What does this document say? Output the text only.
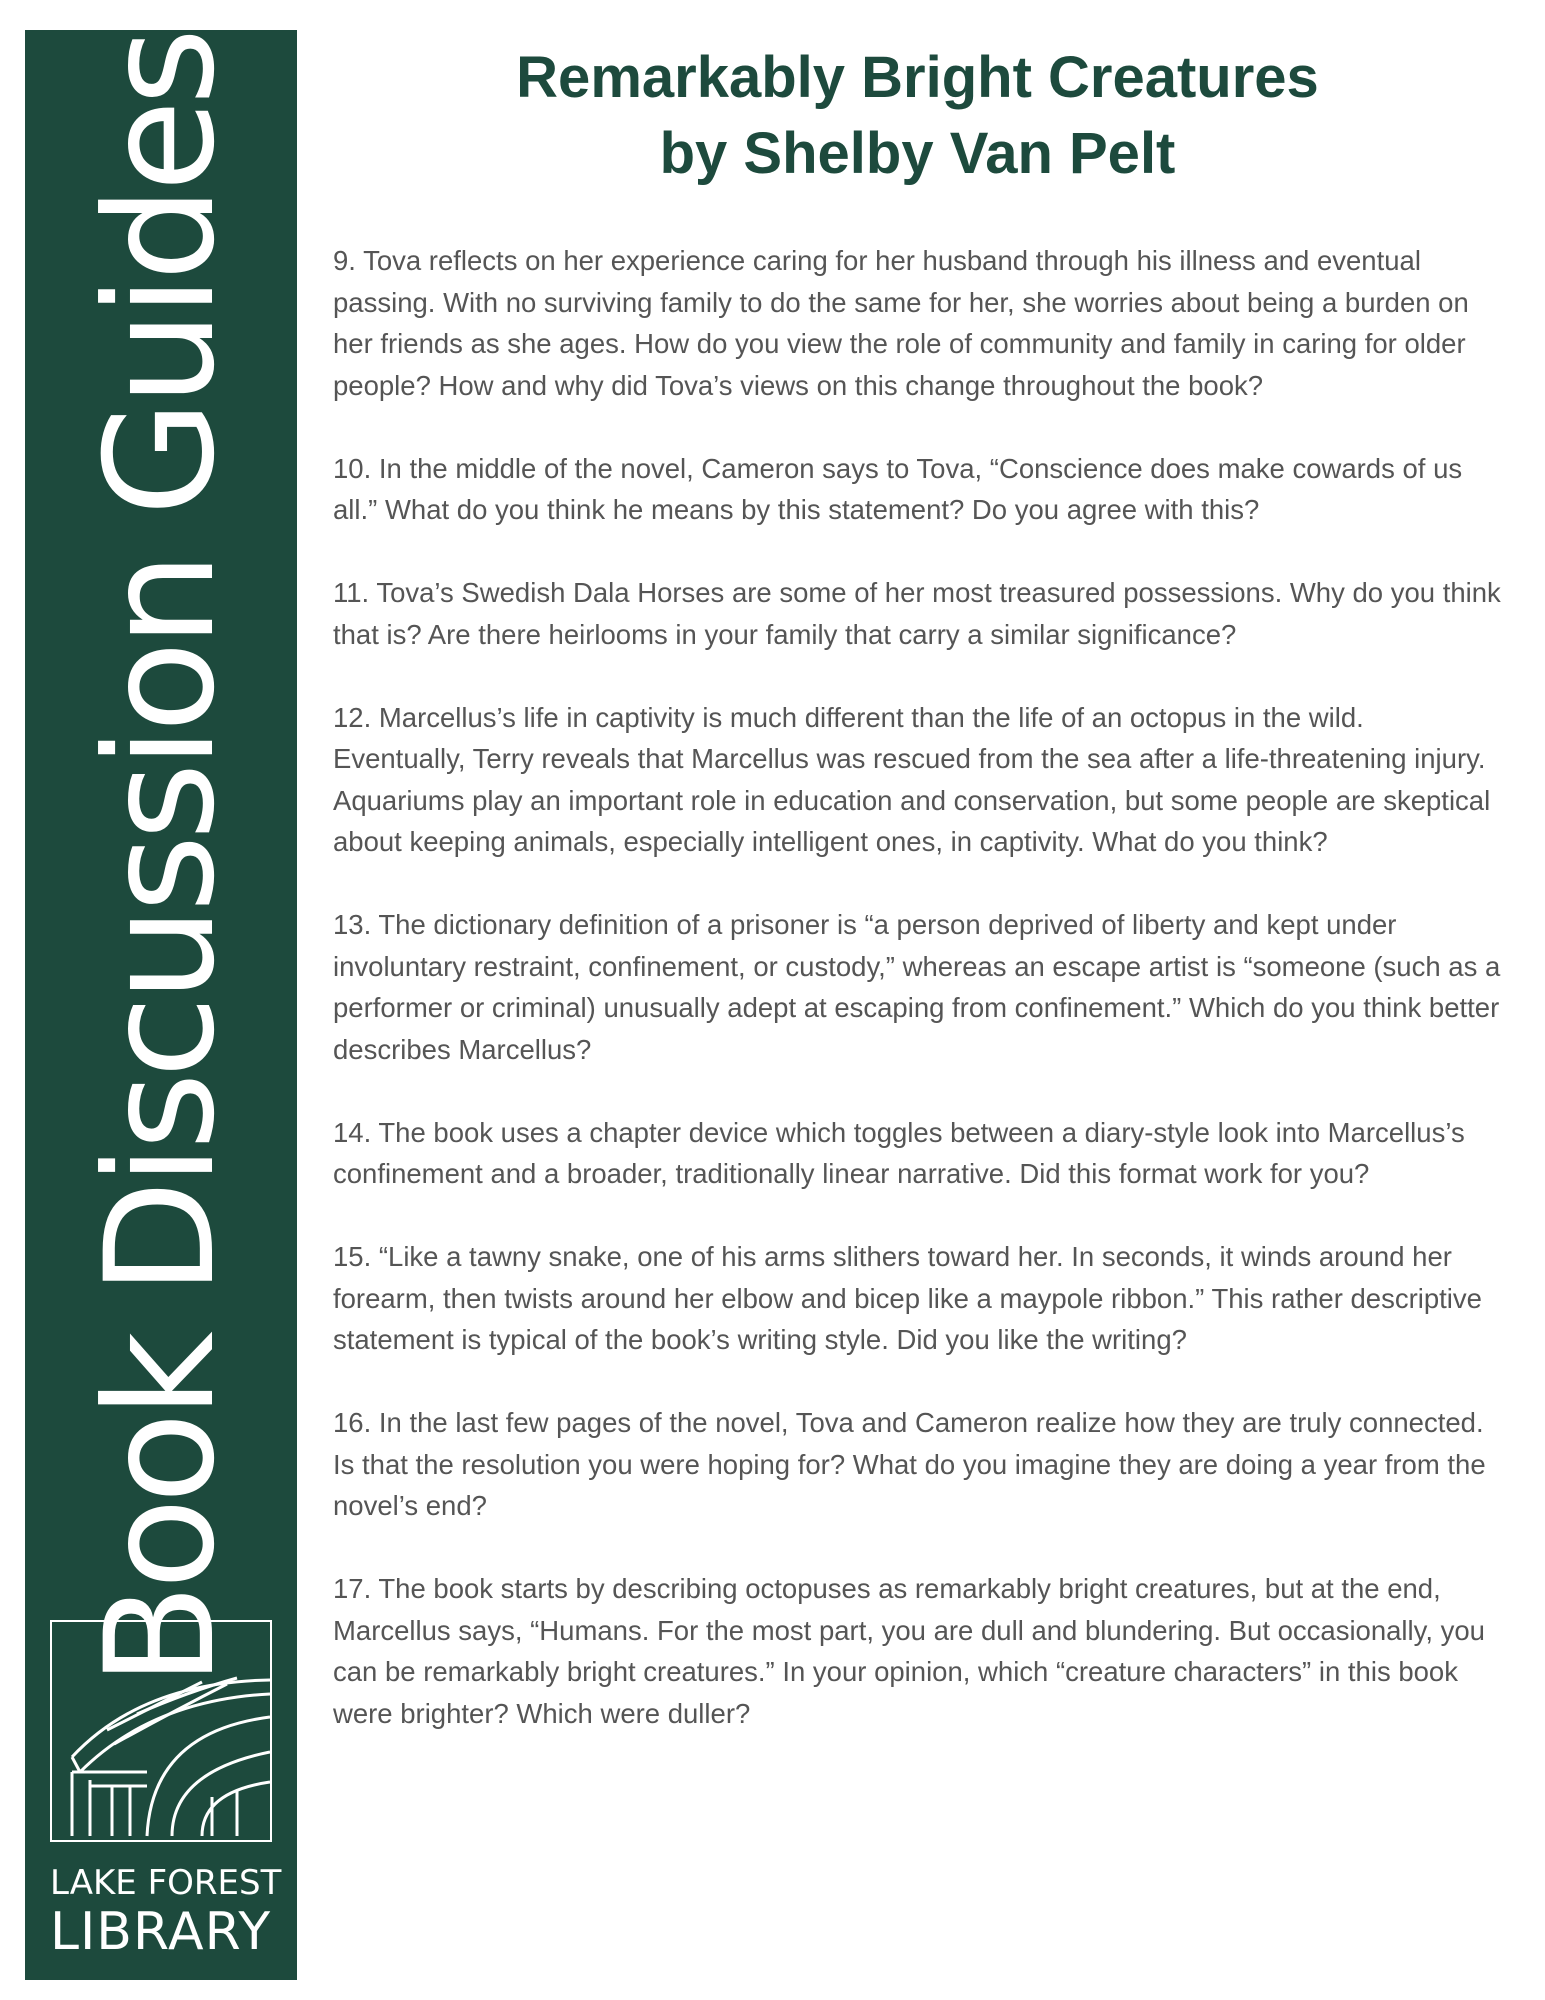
Book Discussion Guides
LAKE FOREST
LIBRARY
Remarkably Bright Creatures
by Shelby Van Pelt

9. Tova reflects on her experience caring for her husband through his illness and eventual passing. With no surviving family to do the same for her, she worries about being a burden on her friends as she ages. How do you view the role of community and family in caring for older people? How and why did Tova’s views on this change throughout the book?

10. In the middle of the novel, Cameron says to Tova, “Conscience does make cowards of us all.” What do you think he means by this statement? Do you agree with this?

11. Tova’s Swedish Dala Horses are some of her most treasured possessions. Why do you think that is? Are there heirlooms in your family that carry a similar significance?

12. Marcellus’s life in captivity is much different than the life of an octopus in the wild. Eventually, Terry reveals that Marcellus was rescued from the sea after a life-threatening injury. Aquariums play an important role in education and conservation, but some people are skeptical about keeping animals, especially intelligent ones, in captivity. What do you think?

13. The dictionary definition of a prisoner is “a person deprived of liberty and kept under involuntary restraint, confinement, or custody,” whereas an escape artist is “someone (such as a performer or criminal) unusually adept at escaping from confinement.” Which do you think better describes Marcellus?

14. The book uses a chapter device which toggles between a diary-style look into Marcellus’s confinement and a broader, traditionally linear narrative. Did this format work for you?

15. “Like a tawny snake, one of his arms slithers toward her. In seconds, it winds around her forearm, then twists around her elbow and bicep like a maypole ribbon.” This rather descriptive statement is typical of the book’s writing style. Did you like the writing?

16. In the last few pages of the novel, Tova and Cameron realize how they are truly connected. Is that the resolution you were hoping for? What do you imagine they are doing a year from the novel’s end?

17. The book starts by describing octopuses as remarkably bright creatures, but at the end, Marcellus says, “Humans. For the most part, you are dull and blundering. But occasionally, you can be remarkably bright creatures.” In your opinion, which “creature characters” in this book were brighter? Which were duller?
